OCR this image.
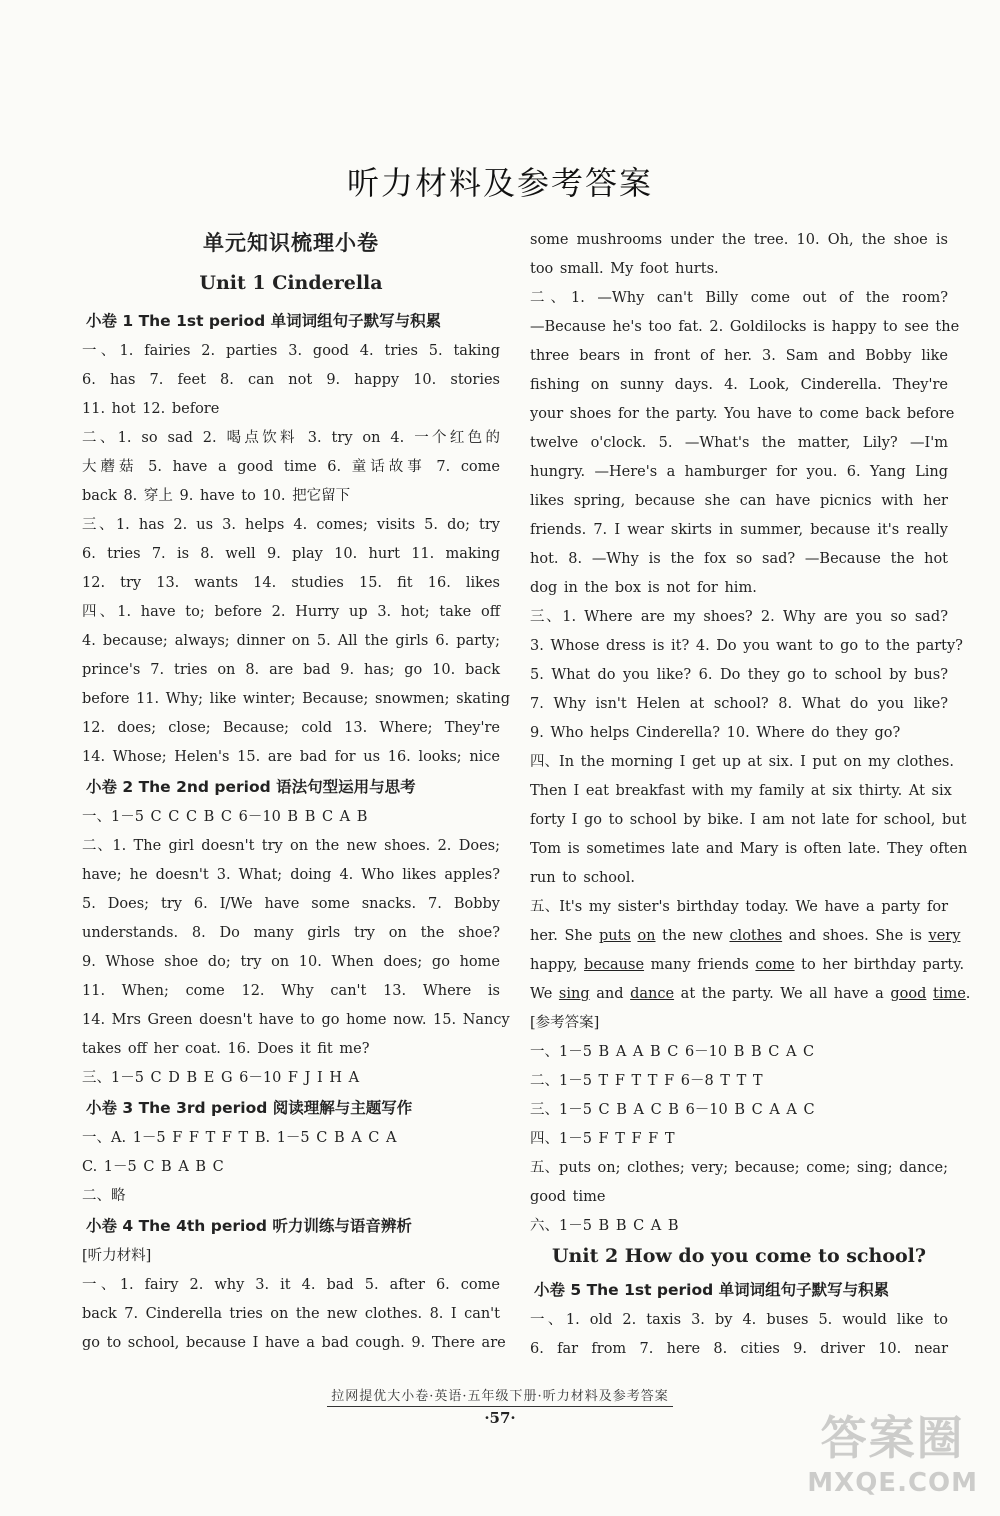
听力材料及参考答案
单元知识梳理小卷
Unit 1 Cinderella
小卷 1 The 1st period 单词词组句子默写与积累
一、1. fairies 2. parties 3. good 4. tries 5. taking
6. has 7. feet 8. can not 9. happy 10. stories
11. hot 12. before
二、1. so sad 2. 喝点饮料 3. try on 4. 一个红色的
大蘑菇 5. have a good time 6. 童话故事 7. come
back 8. 穿上 9. have to 10. 把它留下
三、1. has 2. us 3. helps 4. comes; visits 5. do; try
6. tries 7. is 8. well 9. play 10. hurt 11. making
12. try 13. wants 14. studies 15. fit 16. likes
四、1. have to; before 2. Hurry up 3. hot; take off
4. because; always; dinner on 5. All the girls 6. party;
prince's 7. tries on 8. are bad 9. has; go 10. back
before 11. Why; like winter; Because; snowmen; skating
12. does; close; Because; cold 13. Where; They're
14. Whose; Helen's 15. are bad for us 16. looks; nice
小卷 2 The 2nd period 语法句型运用与思考
一、1－5 C C C B C 6－10 B B C A B
二、1. The girl doesn't try on the new shoes. 2. Does;
have; he doesn't 3. What; doing 4. Who likes apples?
5. Does; try 6. I/We have some snacks. 7. Bobby
understands. 8. Do many girls try on the shoe?
9. Whose shoe do; try on 10. When does; go home
11. When; come 12. Why can't 13. Where is
14. Mrs Green doesn't have to go home now. 15. Nancy
takes off her coat. 16. Does it fit me?
三、1－5 C D B E G 6－10 F J I H A
小卷 3 The 3rd period 阅读理解与主题写作
一、A. 1－5 F F T F T B. 1－5 C B A C A
C. 1－5 C B A B C
二、略
小卷 4 The 4th period 听力训练与语音辨析
[听力材料]
一、1. fairy 2. why 3. it 4. bad 5. after 6. come
back 7. Cinderella tries on the new clothes. 8. I can't
go to school, because I have a bad cough. 9. There are
some mushrooms under the tree. 10. Oh, the shoe is
too small. My foot hurts.
二、1. —Why can't Billy come out of the room?
—Because he's too fat. 2. Goldilocks is happy to see the
three bears in front of her. 3. Sam and Bobby like
fishing on sunny days. 4. Look, Cinderella. They're
your shoes for the party. You have to come back before
twelve o'clock. 5. —What's the matter, Lily? —I'm
hungry. —Here's a hamburger for you. 6. Yang Ling
likes spring, because she can have picnics with her
friends. 7. I wear skirts in summer, because it's really
hot. 8. —Why is the fox so sad? —Because the hot
dog in the box is not for him.
三、1. Where are my shoes? 2. Why are you so sad?
3. Whose dress is it? 4. Do you want to go to the party?
5. What do you like? 6. Do they go to school by bus?
7. Why isn't Helen at school? 8. What do you like?
9. Who helps Cinderella? 10. Where do they go?
四、In the morning I get up at six. I put on my clothes.
Then I eat breakfast with my family at six thirty. At six
forty I go to school by bike. I am not late for school, but
Tom is sometimes late and Mary is often late. They often
run to school.
五、It's my sister's birthday today. We have a party for
her. She puts on the new clothes and shoes. She is very
happy, because many friends come to her birthday party.
We sing and dance at the party. We all have a good time.
[参考答案]
一、1－5 B A A B C 6－10 B B C A C
二、1－5 T F T T F 6－8 T T T
三、1－5 C B A C B 6－10 B C A A C
四、1－5 F T F F T
五、puts on; clothes; very; because; come; sing; dance;
good time
六、1－5 B B C A B
Unit 2 How do you come to school?
小卷 5 The 1st period 单词词组句子默写与积累
一、1. old 2. taxis 3. by 4. buses 5. would like to
6. far from 7. here 8. cities 9. driver 10. near
拉网提优大小卷·英语·五年级下册·听力材料及参考答案
·57·	答案圈
MXQE.COM
